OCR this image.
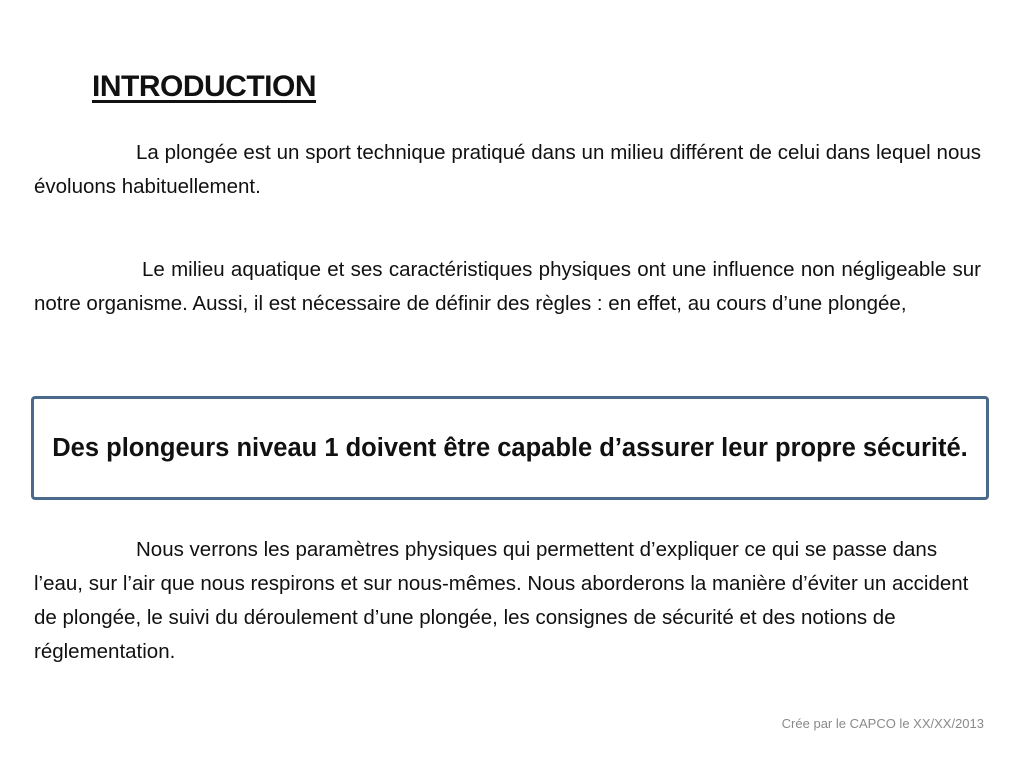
INTRODUCTION

La plongée est un sport technique pratiqué dans un milieu différent de celui dans lequel nous évoluons habituellement.

Le milieu aquatique et ses caractéristiques physiques ont une influence non négligeable sur notre organisme. Aussi, il est nécessaire de définir des règles : en effet, au cours d’une plongée,

Des plongeurs niveau 1 doivent être capable d’assurer leur propre sécurité.

Nous verrons les paramètres physiques qui permettent d’expliquer ce qui se passe dans l’eau, sur l’air que nous respirons et sur nous-mêmes. Nous aborderons la manière d’éviter un accident de plongée, le suivi du déroulement d’une plongée, les consignes de sécurité et des notions de réglementation.

Crée par le CAPCO le XX/XX/2013
